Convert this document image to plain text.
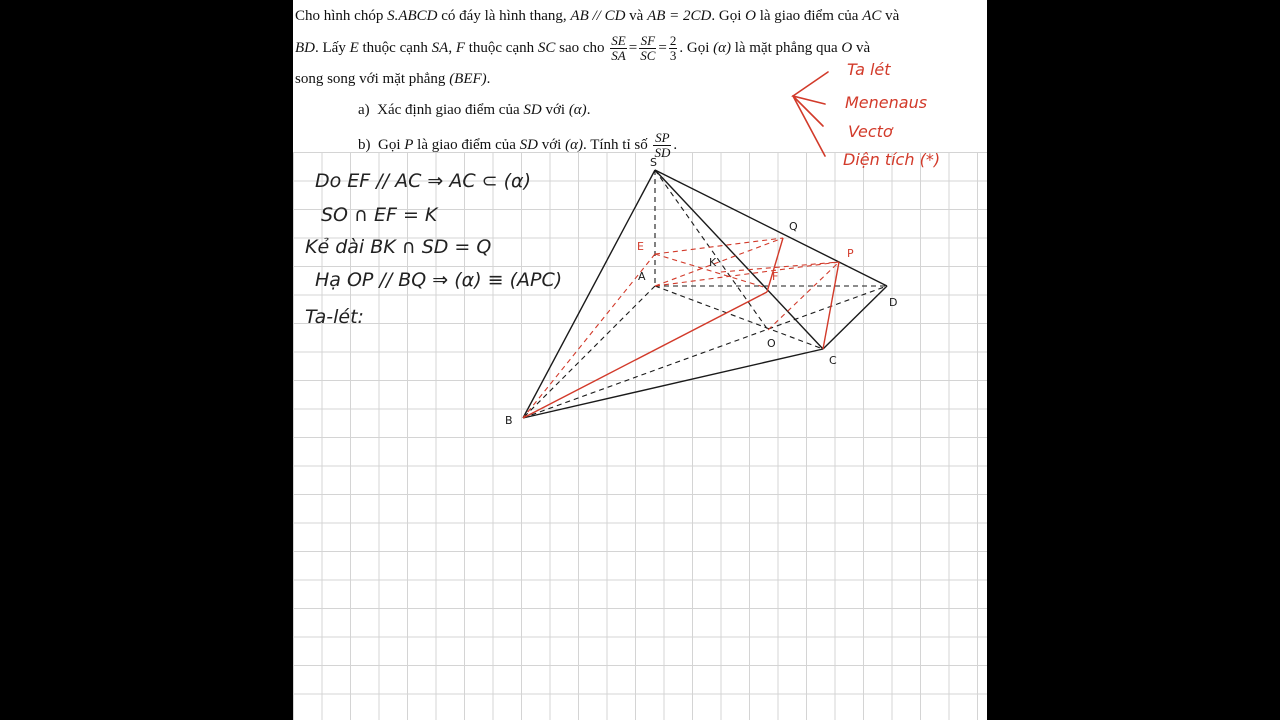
Cho hình chóp S.ABCD có đáy là hình thang, AB // CD và AB = 2CD. Gọi O là giao điểm của AC và
BD. Lấy E thuộc cạnh SA, F thuộc cạnh SC sao cho $\frac{SE}{SA} = \frac{SF}{SC} = \frac{2}{3}$ . Gọi (α) là mặt phẳng qua O và
song song với mặt phẳng (BEF).
a) Xác định giao điểm của SD với (α).
b) Gọi P là giao điểm của SD với (α). Tính tỉ số $\frac{SP}{SD}$ .
Ta lét
Menenaus
Vectơ
Diện tích (*)
Do EF // AC ⇒ AC ⊂ (α)
SO ∩ EF = K
Kẻ dài BK ∩ SD = Q
Hạ OP // BQ ⇒ (α) ≡ (APC)
Ta-lét:
S
A
B
C
D
O
K
Q
E
F
P
